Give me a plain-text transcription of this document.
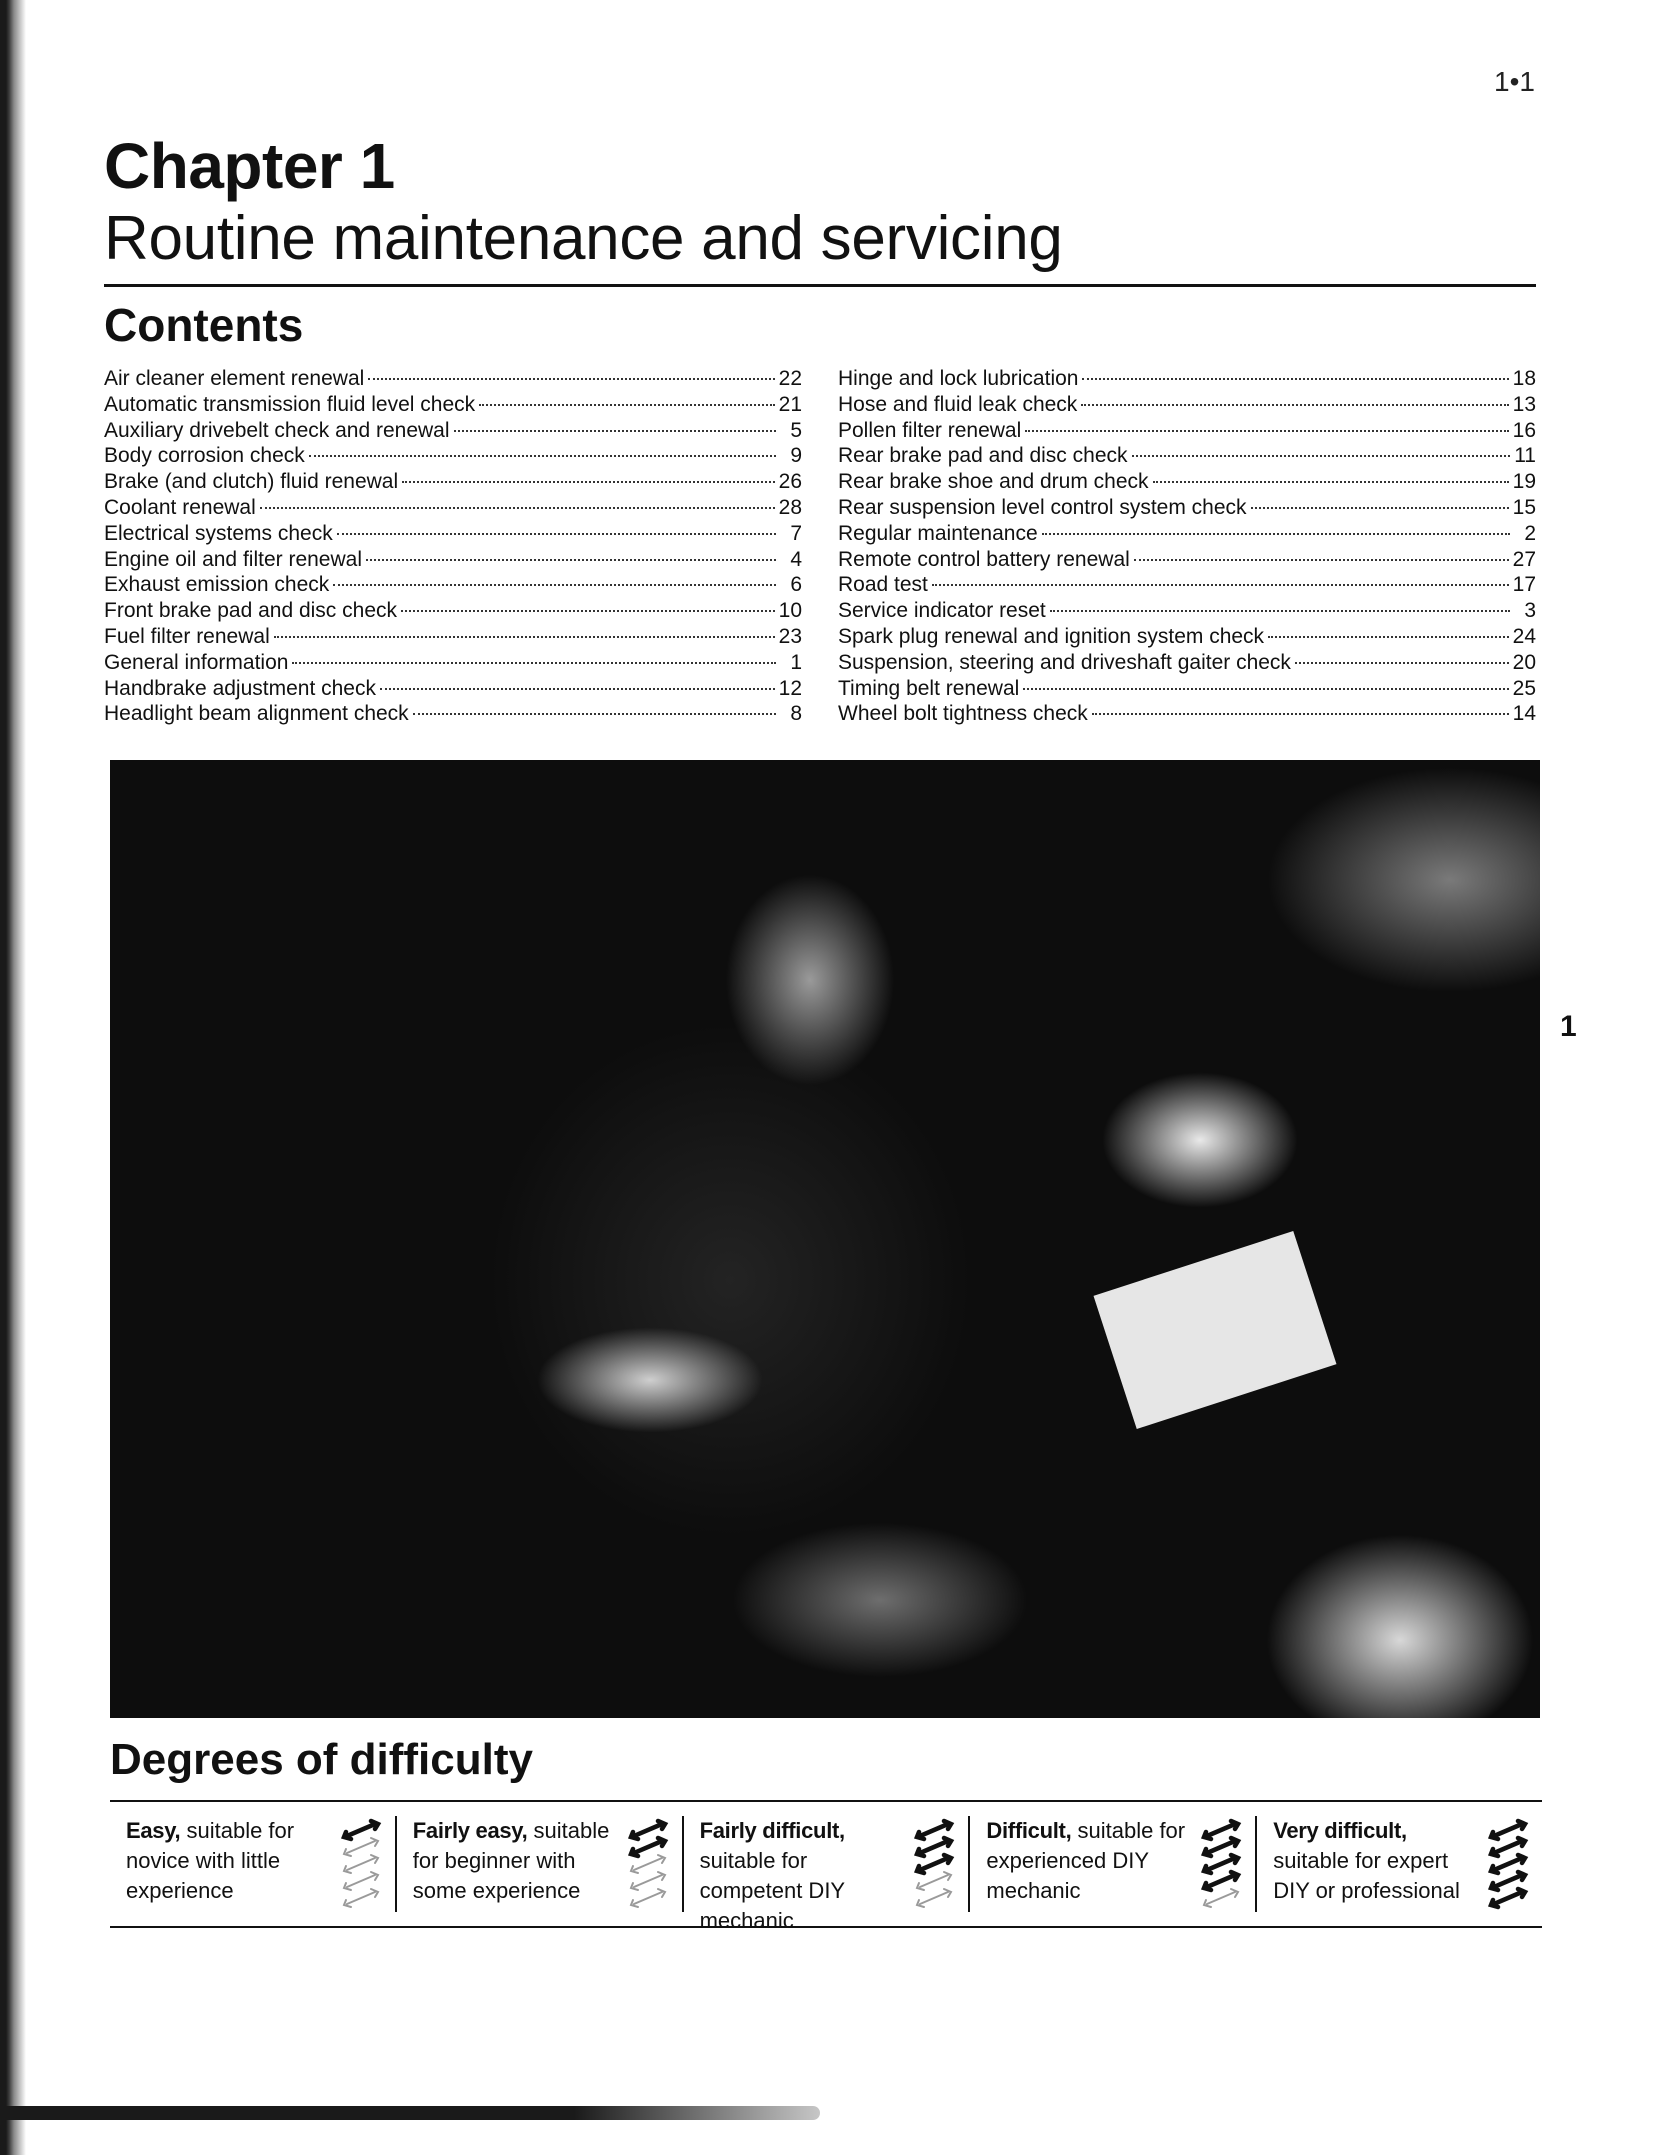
1•1
Chapter 1
Routine maintenance and servicing
Contents
Air cleaner element renewal	22
Automatic transmission fluid level check	21
Auxiliary drivebelt check and renewal	5
Body corrosion check	9
Brake (and clutch) fluid renewal	26
Coolant renewal	28
Electrical systems check	7
Engine oil and filter renewal	4
Exhaust emission check	6
Front brake pad and disc check	10
Fuel filter renewal	23
General information	1
Handbrake adjustment check	12
Headlight beam alignment check	8
Hinge and lock lubrication	18
Hose and fluid leak check	13
Pollen filter renewal	16
Rear brake pad and disc check	11
Rear brake shoe and drum check	19
Rear suspension level control system check	15
Regular maintenance	2
Remote control battery renewal	27
Road test	17
Service indicator reset	3
Spark plug renewal and ignition system check	24
Suspension, steering and driveshaft gaiter check	20
Timing belt renewal	25
Wheel bolt tightness check	14
1
Degrees of difficulty
Easy, suitable for novice with little experience
Fairly easy, suitable for beginner with some experience
Fairly difficult, suitable for competent DIY mechanic
Difficult, suitable for experienced DIY mechanic
Very difficult, suitable for expert DIY or professional
